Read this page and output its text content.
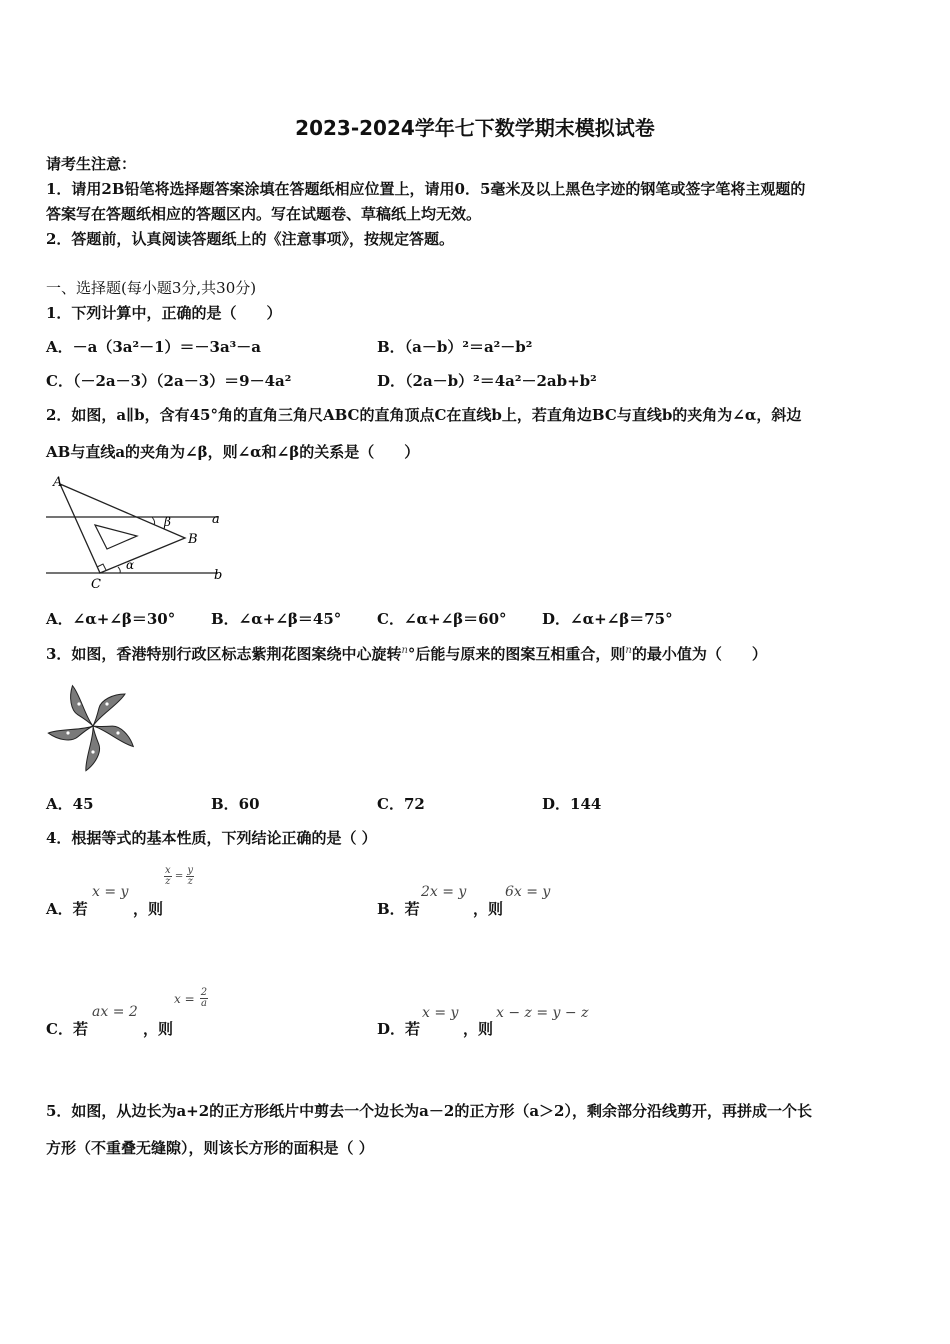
2023-2024学年七下数学期末模拟试卷
请考生注意：
1．请用2B铅笔将选择题答案涂填在答题纸相应位置上，请用0．5毫米及以上黑色字迹的钢笔或签字笔将主观题的
答案写在答题纸相应的答题区内。写在试题卷、草稿纸上均无效。
2．答题前，认真阅读答题纸上的《注意事项》，按规定答题。
一、选择题(每小题3分,共30分)
1．下列计算中，正确的是（　　）
A．－a（3a²－1）＝－3a³－a	B．（a－b）²＝a²－b²
C．（－2a－3）（2a－3）＝9－4a²	D．（2a－b）²＝4a²－2ab+b²
2．如图，a∥b，含有45°角的直角三角尺ABC的直角顶点C在直线b上，若直角边BC与直线b的夹角为∠α，斜边
AB与直线a的夹角为∠β，则∠α和∠β的关系是（　　）
A
B
C
a
b
α
β
A．∠α+∠β＝30° B．∠α+∠β＝45° C．∠α+∠β＝60° D．∠α+∠β＝75°
3．如图，香港特别行政区标志紫荆花图案绕中心旋转$^n$°后能与原来的图案互相重合，则$^n$的最小值为（　　）
A．45	B．60	C．72	D．144
4．根据等式的基本性质，下列结论正确的是（ ）
A．若
x = y
，则
$\frac{x}{z} = \frac{y}{z}$
B．若
2x = y
，则
6x = y
C．若
ax = 2
，则
$x = \frac{2}{a}$
D．若
x = y
，则
x − z = y − z
5．如图，从边长为a+2的正方形纸片中剪去一个边长为a－2的正方形（a＞2），剩余部分沿线剪开，再拼成一个长
方形（不重叠无缝隙），则该长方形的面积是（ ）
